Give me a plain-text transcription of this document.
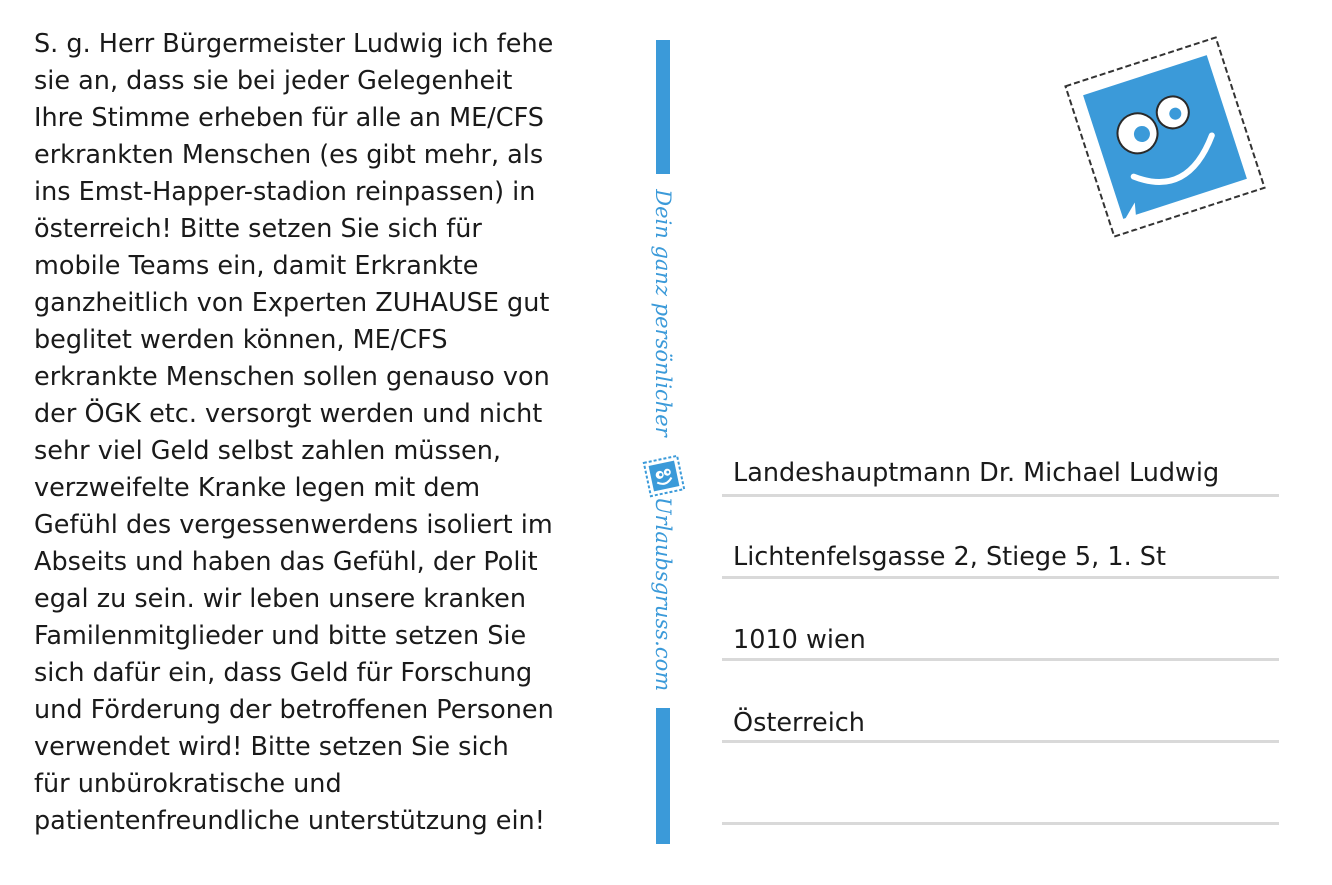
S. g. Herr Bürgermeister Ludwig ich fehe
sie an, dass sie bei jeder Gelegenheit
Ihre Stimme erheben für alle an ME/CFS
erkrankten Menschen (es gibt mehr, als
ins Emst-Happer-stadion reinpassen) in
österreich! Bitte setzen Sie sich für
mobile Teams ein, damit Erkrankte
ganzheitlich von Experten ZUHAUSE gut
beglitet werden können, ME/CFS
erkrankte Menschen sollen genauso von
der ÖGK etc. versorgt werden und nicht
sehr viel Geld selbst zahlen müssen,
verzweifelte Kranke legen mit dem
Gefühl des vergessenwerdens isoliert im
Abseits und haben das Gefühl, der Polit
egal zu sein. wir leben unsere kranken
Familenmitglieder und bitte setzen Sie
sich dafür ein, dass Geld für Forschung
und Förderung der betroffenen Personen
verwendet wird! Bitte setzen Sie sich
für unbürokratische und
patientenfreundliche unterstützung ein!
Dein ganz persönlicher
Urlaubsgruss.com
Landeshauptmann Dr. Michael Ludwig
Lichtenfelsgasse 2, Stiege 5, 1. St
1010 wien
Österreich
